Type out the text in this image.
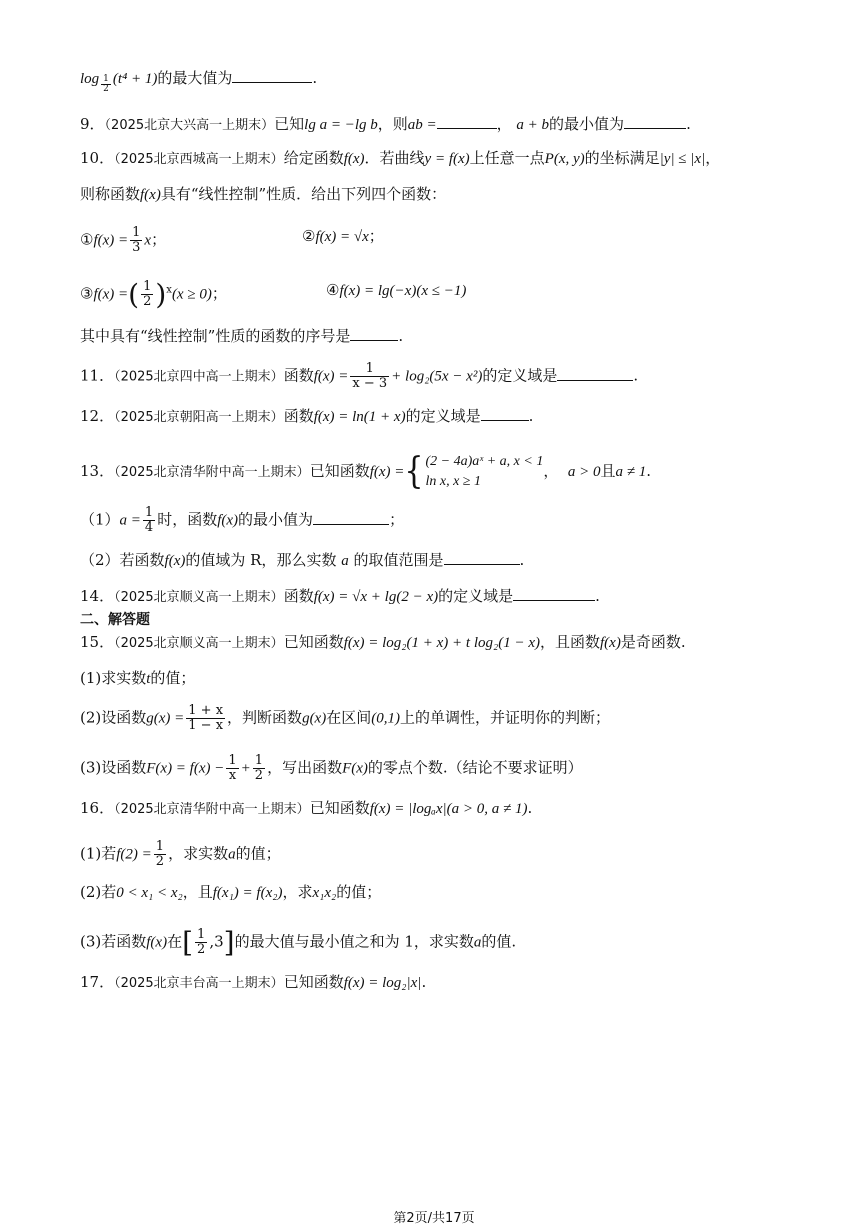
$\log \frac{1}{2} (t^4 + 1)$的最大值为	.
9．（2025北京大兴高一上期末）已知lg a = −lg b，则ab =	， a + b的最小值为	.
10．（2025北京西城高一上期末）给定函数f(x)．若曲线y = f(x)上任意一点P(x, y)的坐标满足|y| ≤ |x|，
则称函数f(x)具有“线性控制”性质．给出下列四个函数：
①f(x) = $\frac{1}{3}$ x；	②f(x) = √x；
③f(x) =( $\frac{1}{2} )^x(x \ge 0)$；	④f(x) = lg(−x)(x ≤ −1)
其中具有“线性控制”性质的函数的序号是	.
11．（2025北京四中高一上期末）函数$f(x) = \frac{1}{x - 3} + \log_2(5x - x^2)$的定义域是	.
12．（2025北京朝阳高一上期末）函数f(x) = ln(1 + x)的定义域是	.
13．（2025北京清华附中高一上期末）已知函数f(x) ={ (2 − 4a)aˣ + a, x < 1
ln x, x ≥ 1
，  a > 0且a ≠ 1.
$(1)a = \frac{1}{4}$ 时，函数f(x)的最小值为	；
（2）若函数f(x)的值域为 R，那么实数 a 的取值范围是	.
14．（2025北京顺义高一上期末）函数f(x) = √x + lg(2 − x)的定义域是	.
二、解答题
15．（2025北京顺义高一上期末）已知函数f(x) = log₂(1 + x) + t log₂(1 − x)，且函数f(x)是奇函数.
(1)求实数t的值；
(2)设函数$g(x) = \frac{1 + x}{1 - x}$ ，判断函数g(x)在区间(0,1)上的单调性，并证明你的判断；
(3)设函数$F(x) = f(x) - \frac{1}{x} + \frac{1}{2}$ ，写出函数F(x)的零点个数.（结论不要求证明）
16．（2025北京清华附中高一上期末）已知函数f(x) = |logₐx|(a > 0, a ≠ 1).
(1)若$f(2) = \frac{1}{2}$ ，求实数a的值；
(2)若0 < x₁ < x₂，且f(x₁) = f(x₂)，求x₁x₂的值；
(3)若函数f(x)在[ $\frac{1}{2} ,3$]的最大值与最小值之和为 1，求实数a的值.
17．（2025北京丰台高一上期末）已知函数f(x) = log₂|x|.
第2页/共17页
